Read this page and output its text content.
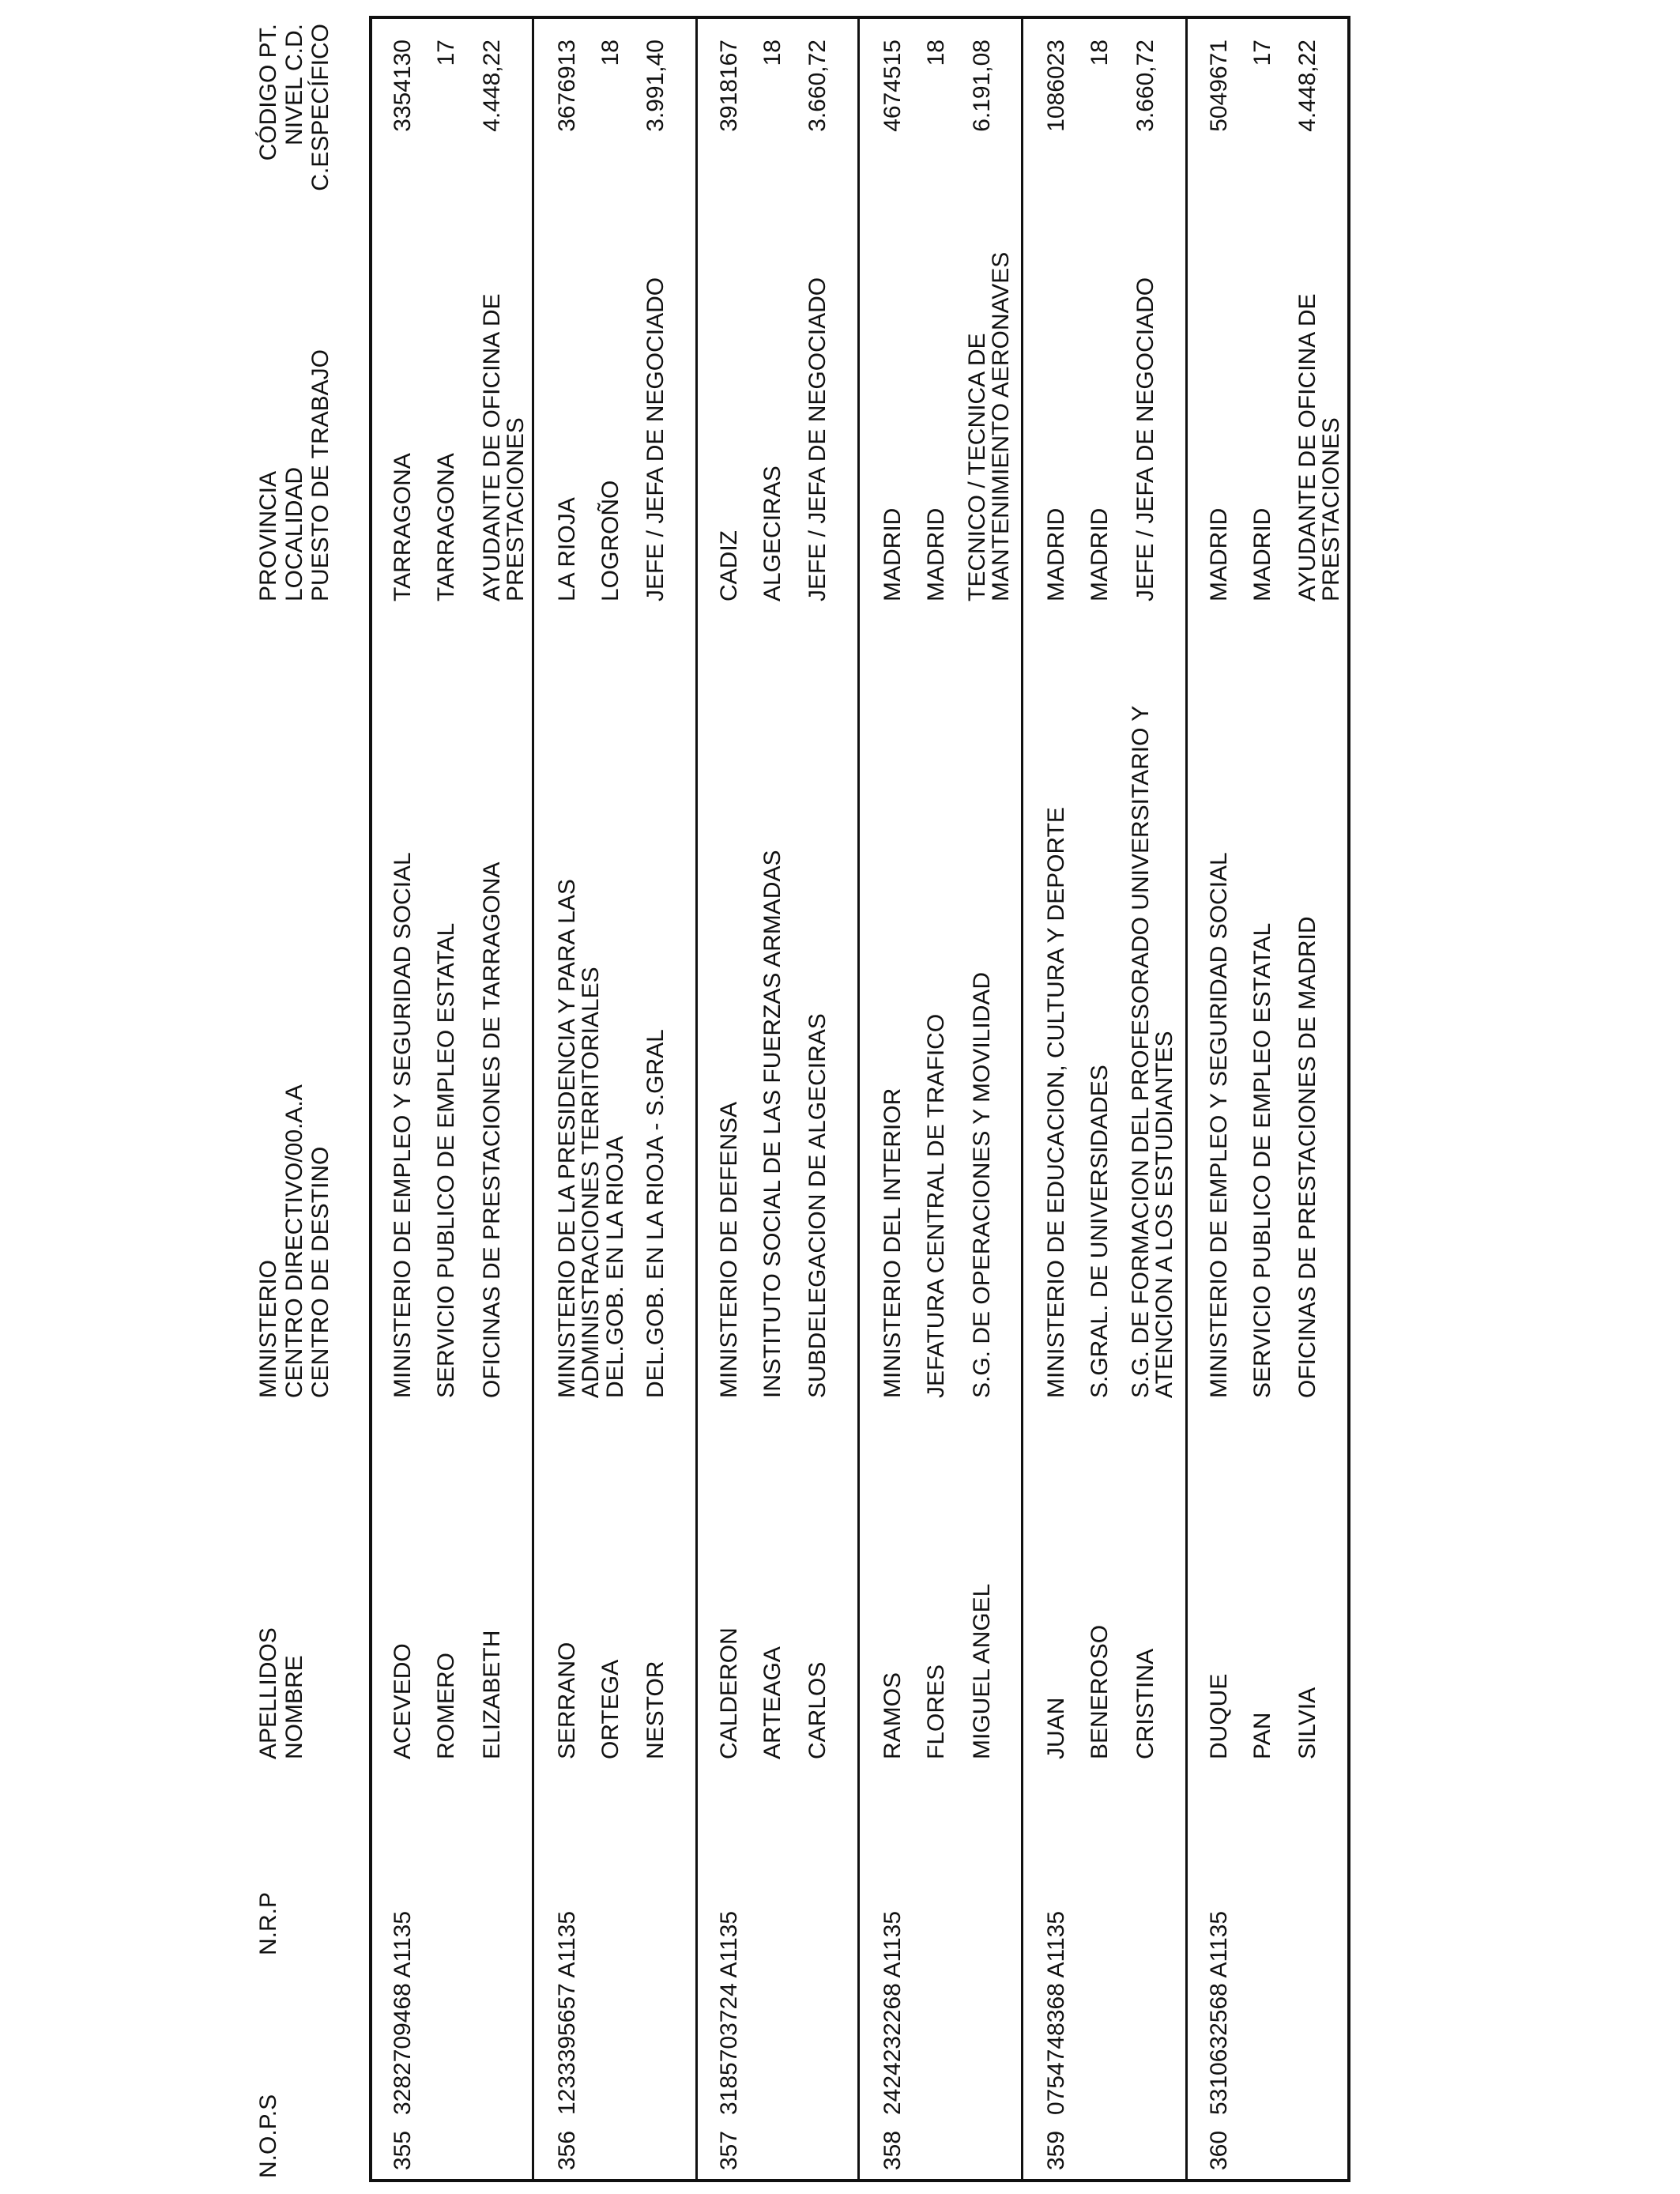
N.O.P.S
N.R.P
APELLIDOS NOMBRE
MINISTERIO CENTRO DIRECTIVO/00.A.A CENTRO DE DESTINO
PROVINCIA LOCALIDAD PUESTO DE TRABAJO
CÓDIGO PT. NIVEL C.D. C.ESPECÍFICO
355
3282709468 A1135
ACEVEDO ROMERO ELIZABETH
MINISTERIO DE EMPLEO Y SEGURIDAD SOCIAL SERVICIO PUBLICO DE EMPLEO ESTATAL OFICINAS DE PRESTACIONES DE TARRAGONA
TARRAGONA TARRAGONA AYUDANTE DE OFICINA DE PRESTACIONES
3354130 17 4.448,22
356
1233395657 A1135
SERRANO ORTEGA NESTOR
MINISTERIO DE LA PRESIDENCIA Y PARA LAS ADMINISTRACIONES TERRITORIALES
DEL.GOB. EN LA RIOJA DEL.GOB. EN LA RIOJA - S.GRAL
LA RIOJA LOGROÑO JEFE / JEFA DE NEGOCIADO
3676913 18 3.991,40
357
3185703724 A1135
CALDERON ARTEAGA CARLOS
MINISTERIO DE DEFENSA INSTITUTO SOCIAL DE LAS FUERZAS ARMADAS SUBDELEGACION DE ALGECIRAS
CADIZ ALGECIRAS JEFE / JEFA DE NEGOCIADO
3918167 18 3.660,72
358
2424232268 A1135
RAMOS FLORES MIGUEL ANGEL
MINISTERIO DEL INTERIOR JEFATURA CENTRAL DE TRAFICO S.G. DE OPERACIONES Y MOVILIDAD
MADRID MADRID TECNICO / TECNICA DE MANTENIMIENTO AERONAVES
4674515 18 6.191,08
359
0754748368 A1135
JUAN BENEROSO CRISTINA
MINISTERIO DE EDUCACION, CULTURA Y DEPORTE S.GRAL. DE UNIVERSIDADES S.G. DE FORMACION DEL PROFESORADO UNIVERSITARIO Y ATENCION A LOS ESTUDIANTES
MADRID MADRID JEFE / JEFA DE NEGOCIADO
1086023 18 3.660,72
360
5310632568 A1135
DUQUE PAN SILVIA
MINISTERIO DE EMPLEO Y SEGURIDAD SOCIAL SERVICIO PUBLICO DE EMPLEO ESTATAL OFICINAS DE PRESTACIONES DE MADRID
MADRID MADRID AYUDANTE DE OFICINA DE PRESTACIONES
5049671 17 4.448,22
